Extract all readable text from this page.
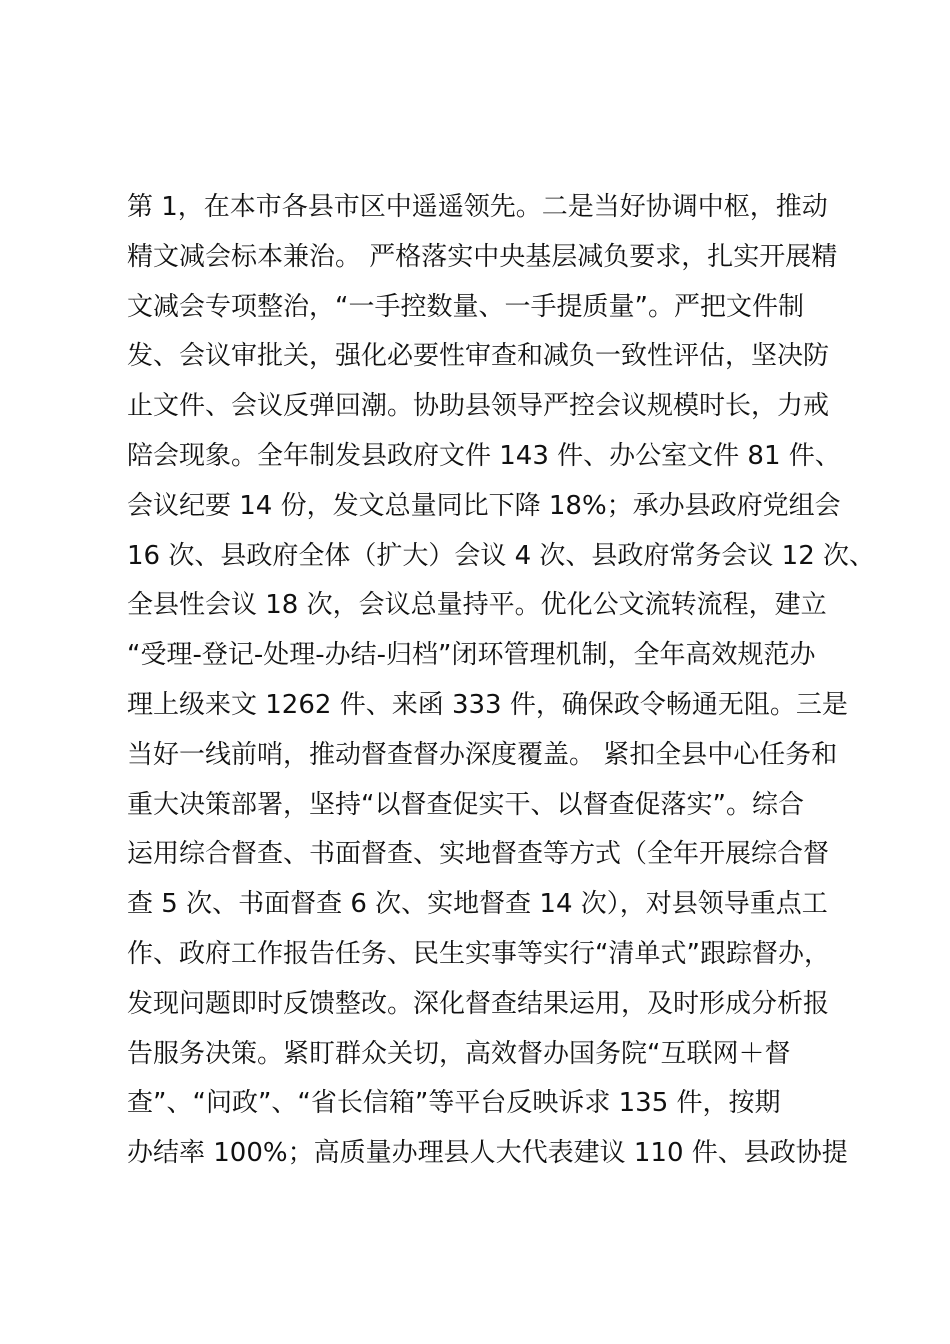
第 1，在本市各县市区中遥遥领先。二是当好协调中枢，推动
精文减会标本兼治。 严格落实中央基层减负要求，扎实开展精
文减会专项整治，“一手控数量、一手提质量”。严把文件制
发、会议审批关，强化必要性审查和减负一致性评估，坚决防
止文件、会议反弹回潮。协助县领导严控会议规模时长，力戒
陪会现象。全年制发县政府文件 143 件、办公室文件 81 件、
会议纪要 14 份，发文总量同比下降 18%；承办县政府党组会
16 次、县政府全体（扩大）会议 4 次、县政府常务会议 12 次、
全县性会议 18 次，会议总量持平。优化公文流转流程，建立
“受理-登记-处理-办结-归档”闭环管理机制，全年高效规范办
理上级来文 1262 件、来函 333 件，确保政令畅通无阻。三是
当好一线前哨，推动督查督办深度覆盖。 紧扣全县中心任务和
重大决策部署，坚持“以督查促实干、以督查促落实”。综合
运用综合督查、书面督查、实地督查等方式（全年开展综合督
查 5 次、书面督查 6 次、实地督查 14 次），对县领导重点工
作、政府工作报告任务、民生实事等实行“清单式”跟踪督办，
发现问题即时反馈整改。深化督查结果运用，及时形成分析报
告服务决策。紧盯群众关切，高效督办国务院“互联网＋督
查”、“问政”、“省长信箱”等平台反映诉求 135 件，按期
办结率 100%；高质量办理县人大代表建议 110 件、县政协提
